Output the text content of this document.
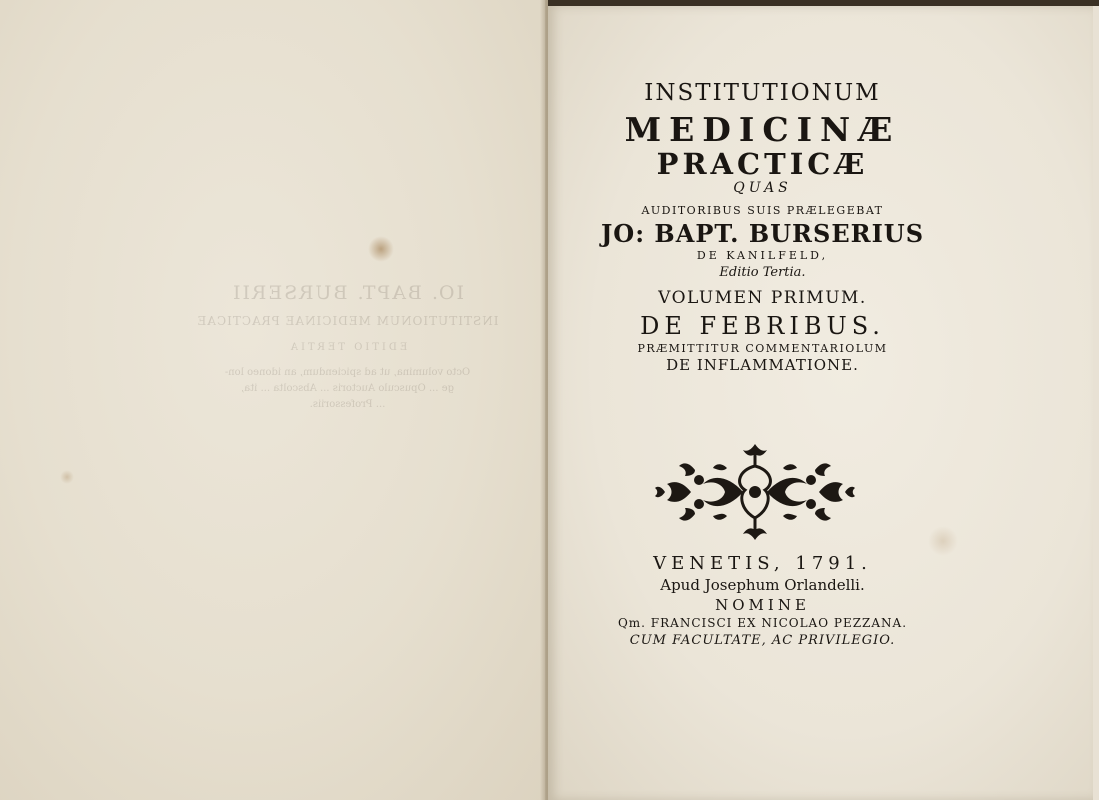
IO. BAPT. BURSERII
INSTITUTIONUM MEDICINAE PRACTICAE
EDITIO TERTIA
Octo volumina, ut ad spiciendum, an idoneo lon-
ge ... Opusculo Auctoris ... Abscolta ... ita,
... Professoriis.
INSTITUTIONUM
MEDICINÆ
PRACTICÆ
QUAS
AUDITORIBUS SUIS PRÆLEGEBAT
JO: BAPT. BURSERIUS
DE KANILFELD,
Editio Tertia.
VOLUMEN PRIMUM.
DE FEBRIBUS.
PRÆMITTITUR COMMENTARIOLUM
DE INFLAMMATIONE.
VENETIS, 1791.
Apud Josephum Orlandelli.
NOMINE
Qm. FRANCISCI EX NICOLAO PEZZANA.
CUM FACULTATE, AC PRIVILEGIO.
